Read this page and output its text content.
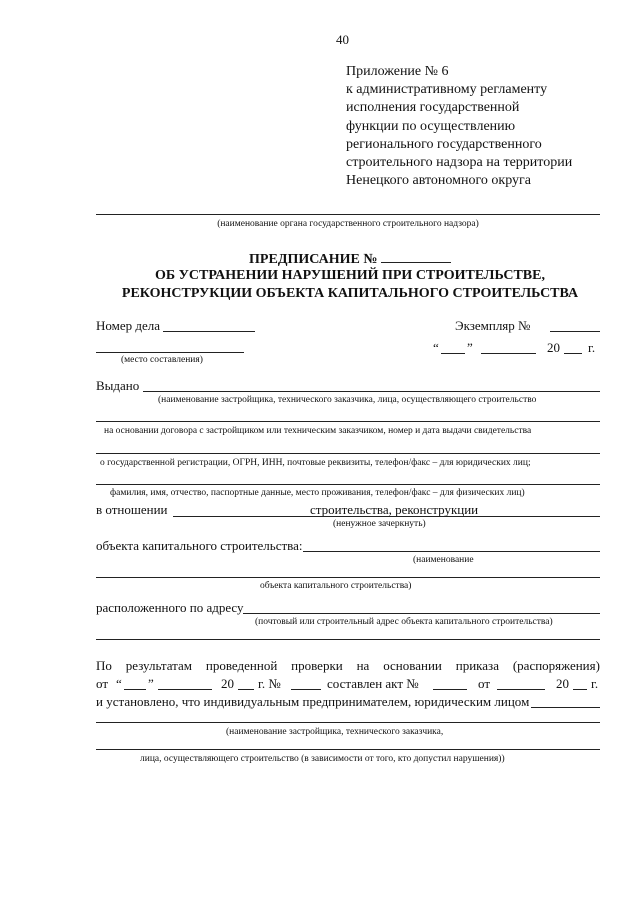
40
Приложение № 6
к административному регламенту
исполнения государственной
функции по осуществлению
регионального государственного
строительного надзора на территории
Ненецкого автономного округа
(наименование органа государственного строительного надзора)
ПРЕДПИСАНИЕ №
ОБ УСТРАНЕНИИ НАРУШЕНИЙ ПРИ СТРОИТЕЛЬСТВЕ,
РЕКОНСТРУКЦИИ ОБЪЕКТА КАПИТАЛЬНОГО СТРОИТЕЛЬСТВА
Номер дела	Экземпляр №
(место составления)
“ ”	20 г.
Выдано
(наименование застройщика, технического заказчика, лица, осуществляющего строительство
на основании договора с застройщиком или техническим заказчиком, номер и дата выдачи свидетельства
о государственной регистрации, ОГРН, ИНН, почтовые реквизиты, телефон/факс – для юридических лиц;
фамилия, имя, отчество, паспортные данные, место проживания, телефон/факс – для физических лиц)
в отношении	строительства, реконструкции
(ненужное зачеркнуть)
объекта капитального строительства:
(наименование
объекта капитального строительства)
расположенного по адресу
(почтовый или строительный адрес объекта капитального строительства)
По результатам проведенной проверки на основании приказа (распоряжения)
от “ ”	20 г. №	составлен акт №	от	20 г.
и установлено, что индивидуальным предпринимателем, юридическим лицом
(наименование застройщика, технического заказчика,
лица, осуществляющего строительство (в зависимости от того, кто допустил нарушения))
